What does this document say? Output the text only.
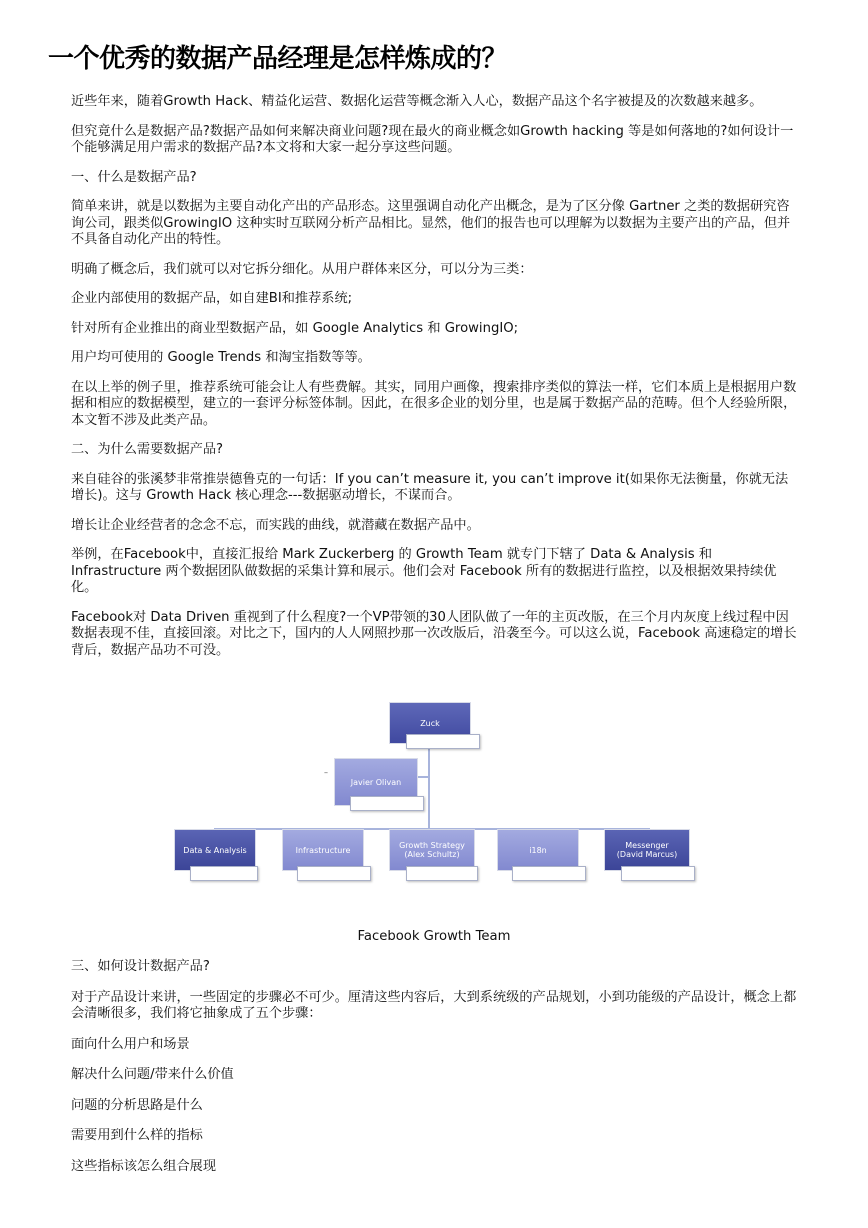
一个优秀的数据产品经理是怎样炼成的？

近些年来，随着Growth Hack、精益化运营、数据化运营等概念渐入人心，数据产品这个名字被提及的次数越来越多。

但究竟什么是数据产品?数据产品如何来解决商业问题?现在最火的商业概念如Growth hacking 等是如何落地的?如何设计一个能够满足用户需求的数据产品?本文将和大家一起分享这些问题。

一、什么是数据产品?

简单来讲，就是以数据为主要自动化产出的产品形态。这里强调自动化产出概念，是为了区分像 Gartner 之类的数据研究咨询公司，跟类似GrowingIO 这种实时互联网分析产品相比。显然，他们的报告也可以理解为以数据为主要产出的产品，但并不具备自动化产出的特性。

明确了概念后，我们就可以对它拆分细化。从用户群体来区分，可以分为三类：

企业内部使用的数据产品，如自建BI和推荐系统;

针对所有企业推出的商业型数据产品，如 Google Analytics 和 GrowingIO;

用户均可使用的 Google Trends 和淘宝指数等等。

在以上举的例子里，推荐系统可能会让人有些费解。其实，同用户画像，搜索排序类似的算法一样，它们本质上是根据用户数据和相应的数据模型，建立的一套评分标签体制。因此，在很多企业的划分里，也是属于数据产品的范畴。但个人经验所限，本文暂不涉及此类产品。

二、为什么需要数据产品?

来自硅谷的张溪梦非常推崇德鲁克的一句话：If you can’t measure it, you can’t improve it(如果你无法衡量，你就无法增长)。这与 Growth Hack 核心理念---数据驱动增长，不谋而合。

增长让企业经营者的念念不忘，而实践的曲线，就潜藏在数据产品中。

举例，在Facebook中，直接汇报给 Mark Zuckerberg 的 Growth Team 就专门下辖了 Data & Analysis 和 Infrastructure 两个数据团队做数据的采集计算和展示。他们会对 Facebook 所有的数据进行监控，以及根据效果持续优化。

Facebook对 Data Driven 重视到了什么程度?一个VP带领的30人团队做了一年的主页改版，在三个月内灰度上线过程中因数据表现不佳，直接回滚。对比之下，国内的人人网照抄那一次改版后，沿袭至今。可以这么说，Facebook 高速稳定的增长背后，数据产品功不可没。

Zuck
–
Javier Olivan
Data & Analysis	Infrastructure	Growth Strategy
(Alex Schultz)	i18n	Messenger
(David Marcus)
Facebook Growth Team

三、如何设计数据产品?

对于产品设计来讲，一些固定的步骤必不可少。厘清这些内容后，大到系统级的产品规划，小到功能级的产品设计，概念上都会清晰很多，我们将它抽象成了五个步骤：

面向什么用户和场景

解决什么问题/带来什么价值

问题的分析思路是什么

需要用到什么样的指标

这些指标该怎么组合展现
